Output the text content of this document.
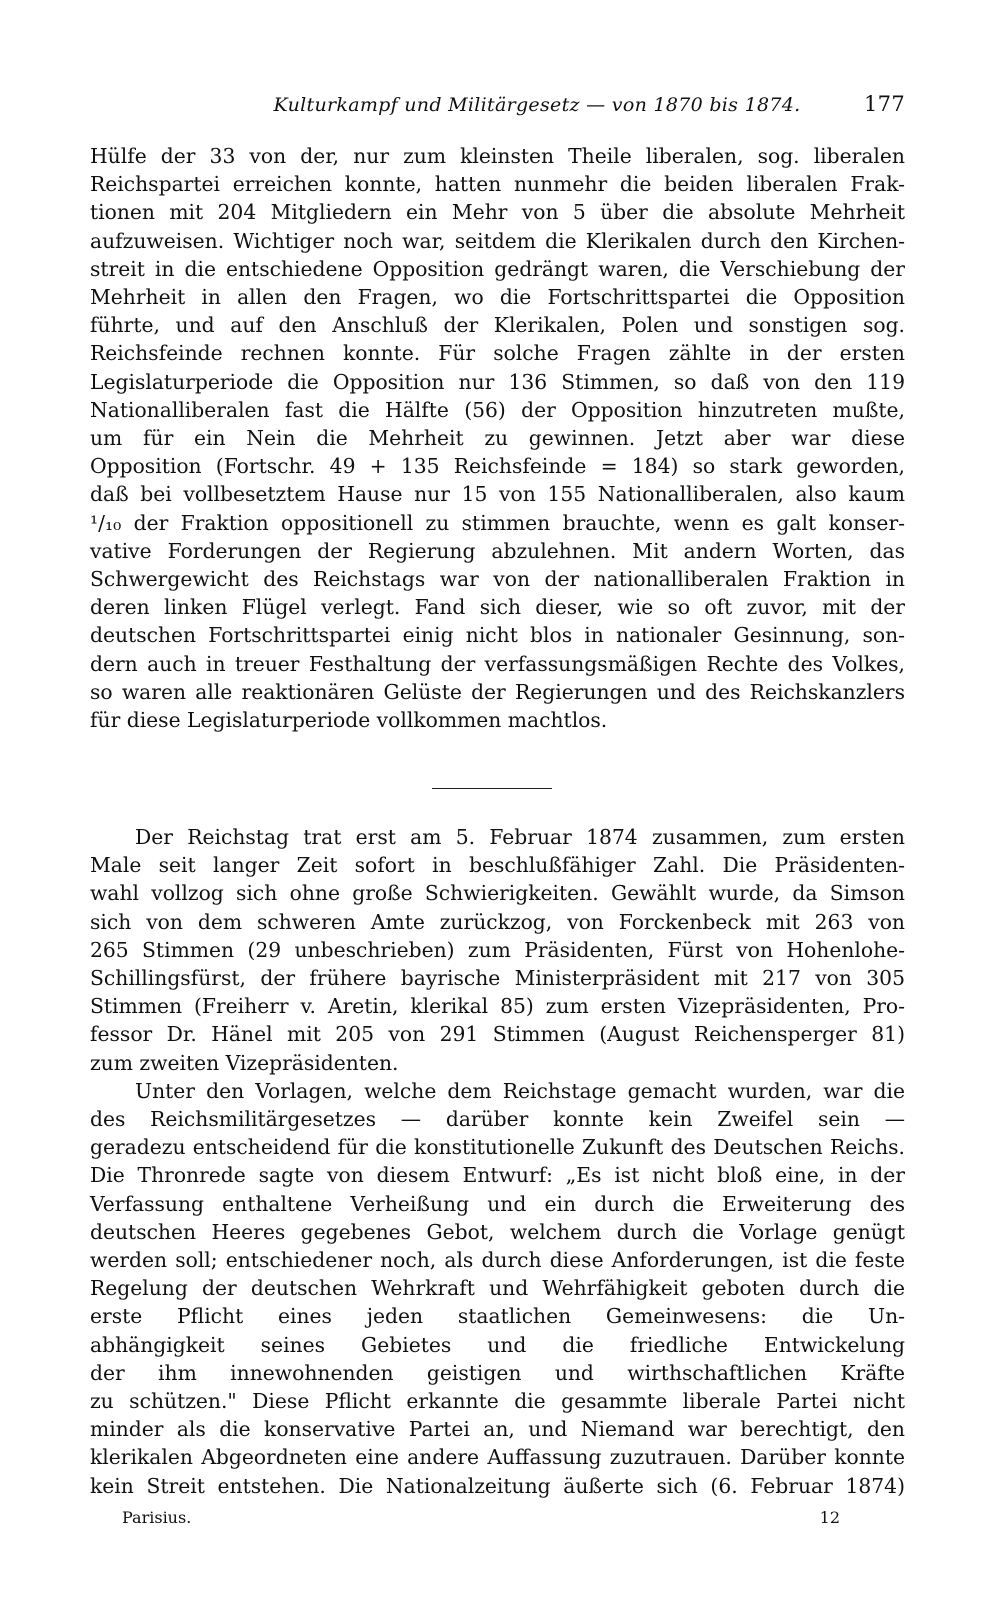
Kulturkampf und Militärgesetz — von 1870 bis 1874.	177
Hülfe der 33 von der, nur zum kleinsten Theile liberalen, sog. liberalen
Reichspartei erreichen konnte, hatten nunmehr die beiden liberalen Frak-
tionen mit 204 Mitgliedern ein Mehr von 5 über die absolute Mehrheit
aufzuweisen. Wichtiger noch war, seitdem die Klerikalen durch den Kirchen-
streit in die entschiedene Opposition gedrängt waren, die Verschiebung der
Mehrheit in allen den Fragen, wo die Fortschrittspartei die Opposition
führte, und auf den Anschluß der Klerikalen, Polen und sonstigen sog.
Reichsfeinde rechnen konnte. Für solche Fragen zählte in der ersten
Legislaturperiode die Opposition nur 136 Stimmen, so daß von den 119
Nationalliberalen fast die Hälfte (56) der Opposition hinzutreten mußte,
um für ein Nein die Mehrheit zu gewinnen. Jetzt aber war diese
Opposition (Fortschr. 49 + 135 Reichsfeinde = 184) so stark geworden,
daß bei vollbesetztem Hause nur 15 von 155 Nationalliberalen, also kaum
¹/₁₀ der Fraktion oppositionell zu stimmen brauchte, wenn es galt konser-
vative Forderungen der Regierung abzulehnen. Mit andern Worten, das
Schwergewicht des Reichstags war von der nationalliberalen Fraktion in
deren linken Flügel verlegt. Fand sich dieser, wie so oft zuvor, mit der
deutschen Fortschrittspartei einig nicht blos in nationaler Gesinnung, son-
dern auch in treuer Festhaltung der verfassungsmäßigen Rechte des Volkes,
so waren alle reaktionären Gelüste der Regierungen und des Reichskanzlers
für diese Legislaturperiode vollkommen machtlos.
Der Reichstag trat erst am 5. Februar 1874 zusammen, zum ersten
Male seit langer Zeit sofort in beschlußfähiger Zahl. Die Präsidenten-
wahl vollzog sich ohne große Schwierigkeiten. Gewählt wurde, da Simson
sich von dem schweren Amte zurückzog, von Forckenbeck mit 263 von
265 Stimmen (29 unbeschrieben) zum Präsidenten, Fürst von Hohenlohe-
Schillingsfürst, der frühere bayrische Ministerpräsident mit 217 von 305
Stimmen (Freiherr v. Aretin, klerikal 85) zum ersten Vizepräsidenten, Pro-
fessor Dr. Hänel mit 205 von 291 Stimmen (August Reichensperger 81)
zum zweiten Vizepräsidenten.
Unter den Vorlagen, welche dem Reichstage gemacht wurden, war die
des Reichsmilitärgesetzes — darüber konnte kein Zweifel sein —
geradezu entscheidend für die konstitutionelle Zukunft des Deutschen Reichs.
Die Thronrede sagte von diesem Entwurf: „Es ist nicht bloß eine, in der
Verfassung enthaltene Verheißung und ein durch die Erweiterung des
deutschen Heeres gegebenes Gebot, welchem durch die Vorlage genügt
werden soll; entschiedener noch, als durch diese Anforderungen, ist die feste
Regelung der deutschen Wehrkraft und Wehrfähigkeit geboten durch die
erste Pflicht eines jeden staatlichen Gemeinwesens: die Un-
abhängigkeit seines Gebietes und die friedliche Entwickelung
der ihm innewohnenden geistigen und wirthschaftlichen Kräfte
zu schützen." Diese Pflicht erkannte die gesammte liberale Partei nicht
minder als die konservative Partei an, und Niemand war berechtigt, den
klerikalen Abgeordneten eine andere Auffassung zuzutrauen. Darüber konnte
kein Streit entstehen. Die Nationalzeitung äußerte sich (6. Februar 1874)
Parisius.	12
